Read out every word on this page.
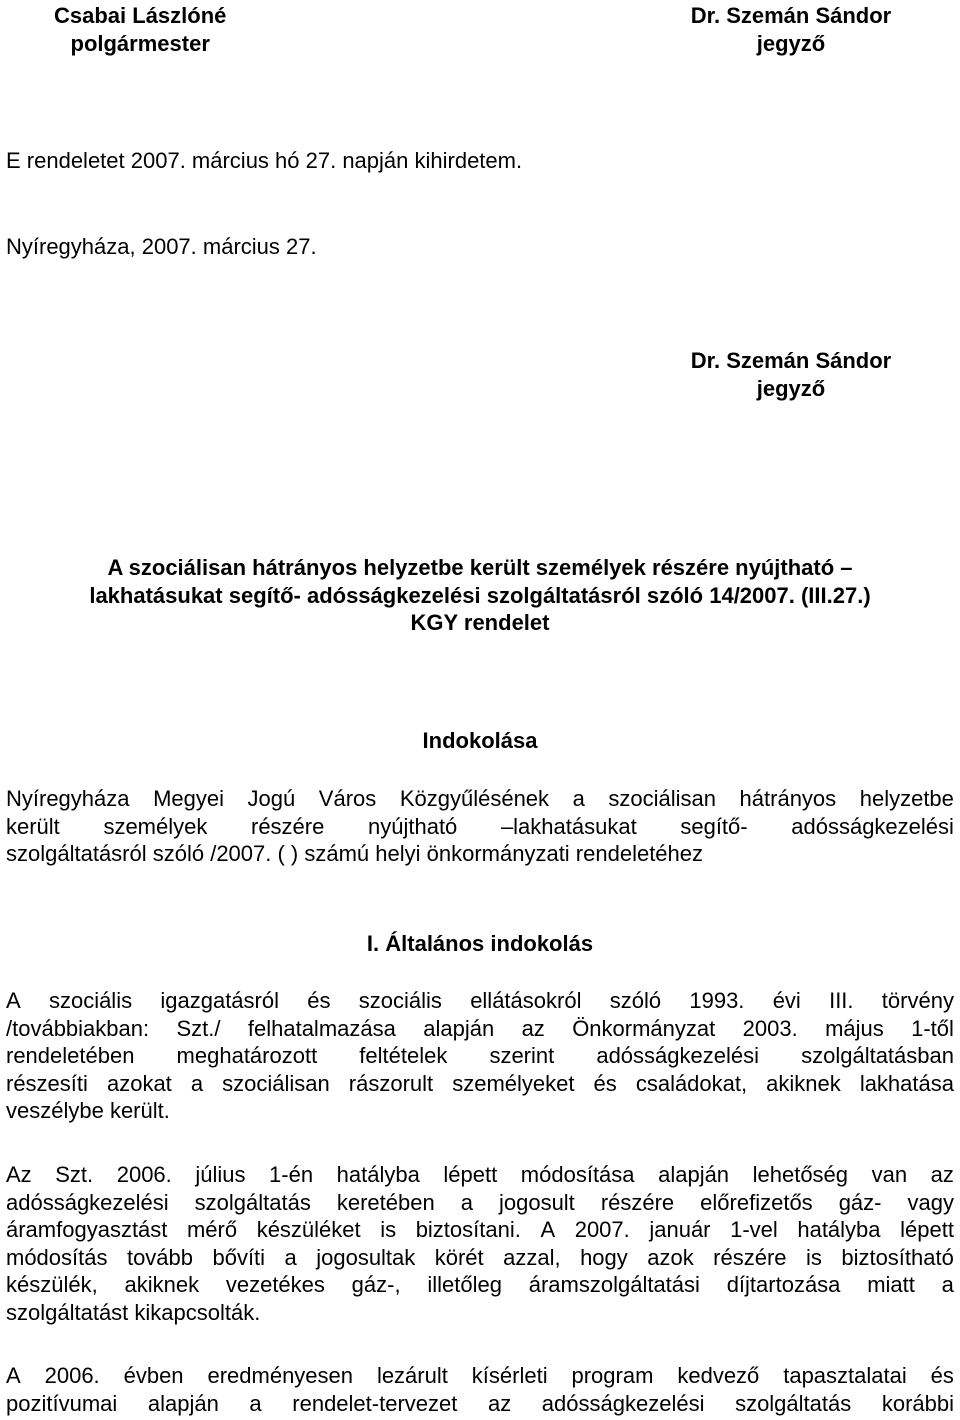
Csabai Lászlóné
polgármester
Dr. Szemán Sándor
jegyző
E rendeletet 2007. március hó 27. napján kihirdetem.
Nyíregyháza, 2007. március 27.
Dr. Szemán Sándor
jegyző
A szociálisan hátrányos helyzetbe került személyek részére nyújtható –
lakhatásukat segítő- adósságkezelési szolgáltatásról szóló 14/2007. (III.27.)
KGY rendelet
Indokolása
Nyíregyháza Megyei Jogú Város Közgyűlésének a szociálisan hátrányos helyzetbe
került személyek részére nyújtható –lakhatásukat segítő- adósságkezelési
szolgáltatásról szóló /2007. ( ) számú helyi önkormányzati rendeletéhez
I. Általános indokolás
A szociális igazgatásról és szociális ellátásokról szóló 1993. évi III. törvény
/továbbiakban: Szt./ felhatalmazása alapján az Önkormányzat 2003. május 1-től
rendeletében meghatározott feltételek szerint adósságkezelési szolgáltatásban
részesíti azokat a szociálisan rászorult személyeket és családokat, akiknek lakhatása
veszélybe került.
Az Szt. 2006. július 1-én hatályba lépett módosítása alapján lehetőség van az
adósságkezelési szolgáltatás keretében a jogosult részére előrefizetős gáz- vagy
áramfogyasztást mérő készüléket is biztosítani. A 2007. január 1-vel hatályba lépett
módosítás tovább bővíti a jogosultak körét azzal, hogy azok részére is biztosítható
készülék, akiknek vezetékes gáz-, illetőleg áramszolgáltatási díjtartozása miatt a
szolgáltatást kikapcsolták.
A 2006. évben eredményesen lezárult kísérleti program kedvező tapasztalatai és
pozitívumai alapján a rendelet-tervezet az adósságkezelési szolgáltatás korábbi
